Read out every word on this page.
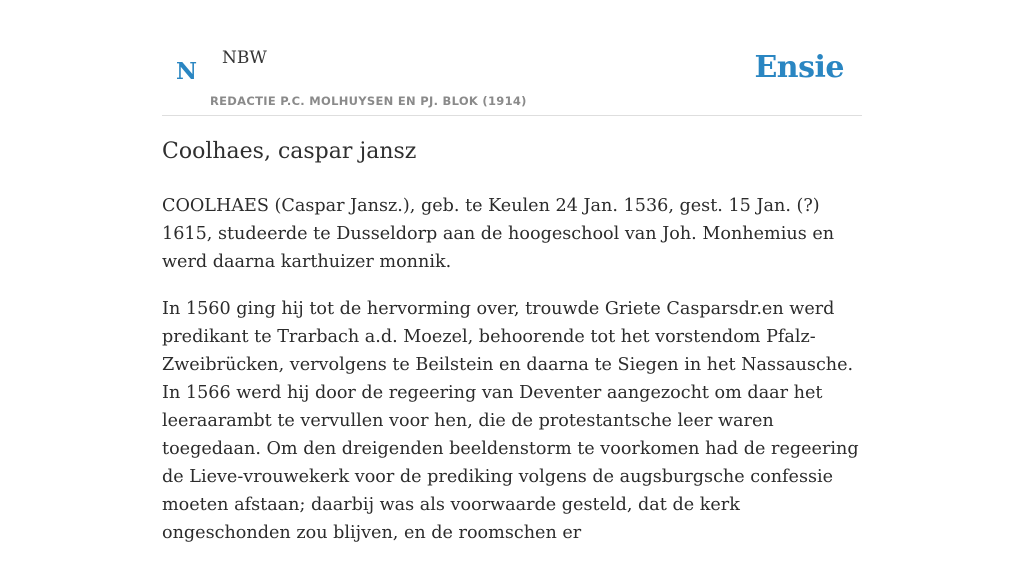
N NBW
REDACTIE P.C. MOLHUYSEN EN PJ. BLOK (1914)
Ensie
Coolhaes, caspar jansz

COOLHAES (Caspar Jansz.), geb. te Keulen 24 Jan. 1536, gest. 15 Jan. (?) 1615, studeerde te Dusseldorp aan de hoogeschool van Joh. Monhemius en werd daarna karthuizer monnik.

In 1560 ging hij tot de hervorming over, trouwde Griete Casparsdr.en werd predikant te Trarbach a.d. Moezel, behoorende tot het vorstendom Pfalz-Zweibrücken, vervolgens te Beilstein en daarna te Siegen in het Nassausche. In 1566 werd hij door de regeering van Deventer aangezocht om daar het leeraarambt te vervullen voor hen, die de protestantsche leer waren toegedaan. Om den dreigenden beeldenstorm te voorkomen had de regeering de Lieve-vrouwekerk voor de prediking volgens de augsburgsche confessie moeten afstaan; daarbij was als voorwaarde gesteld, dat de kerk ongeschonden zou blijven, en de roomschen er
